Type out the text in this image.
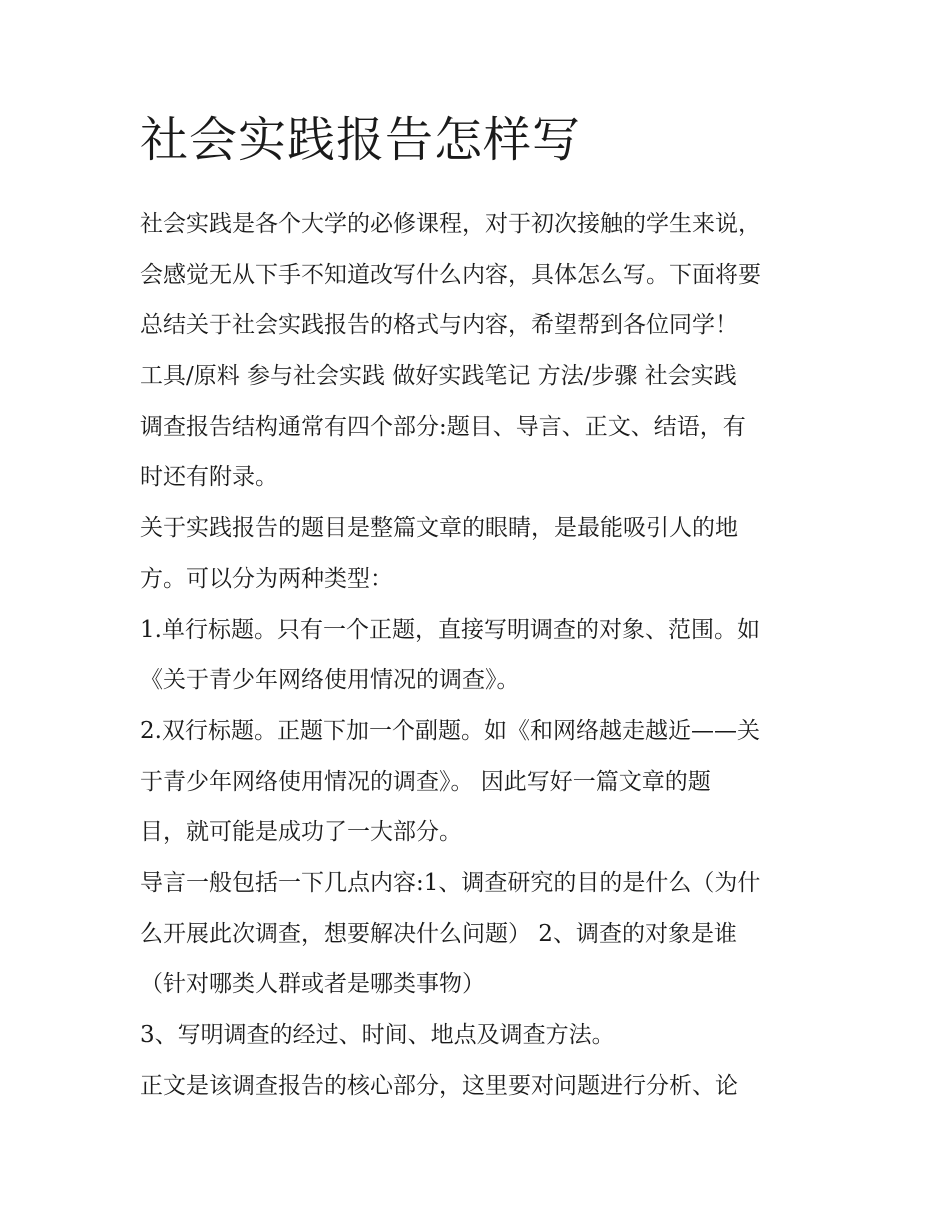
社会实践报告怎样写
社会实践是各个大学的必修课程，对于初次接触的学生来说，
会感觉无从下手不知道改写什么内容，具体怎么写。下面将要
总结关于社会实践报告的格式与内容，希望帮到各位同学！
工具/原料 参与社会实践 做好实践笔记 方法/步骤 社会实践
调查报告结构通常有四个部分:题目、导言、正文、结语，有
时还有附录。
关于实践报告的题目是整篇文章的眼睛，是最能吸引人的地
方。可以分为两种类型：
1.单行标题。只有一个正题，直接写明调查的对象、范围。如
《关于青少年网络使用情况的调查》。
2.双行标题。正题下加一个副题。如《和网络越走越近——关
于青少年网络使用情况的调查》。 因此写好一篇文章的题
目，就可能是成功了一大部分。
导言一般包括一下几点内容:1、调查研究的目的是什么（为什
么开展此次调查，想要解决什么问题） 2、调查的对象是谁
（针对哪类人群或者是哪类事物）
3、写明调查的经过、时间、地点及调查方法。
正文是该调查报告的核心部分，这里要对问题进行分析、论
